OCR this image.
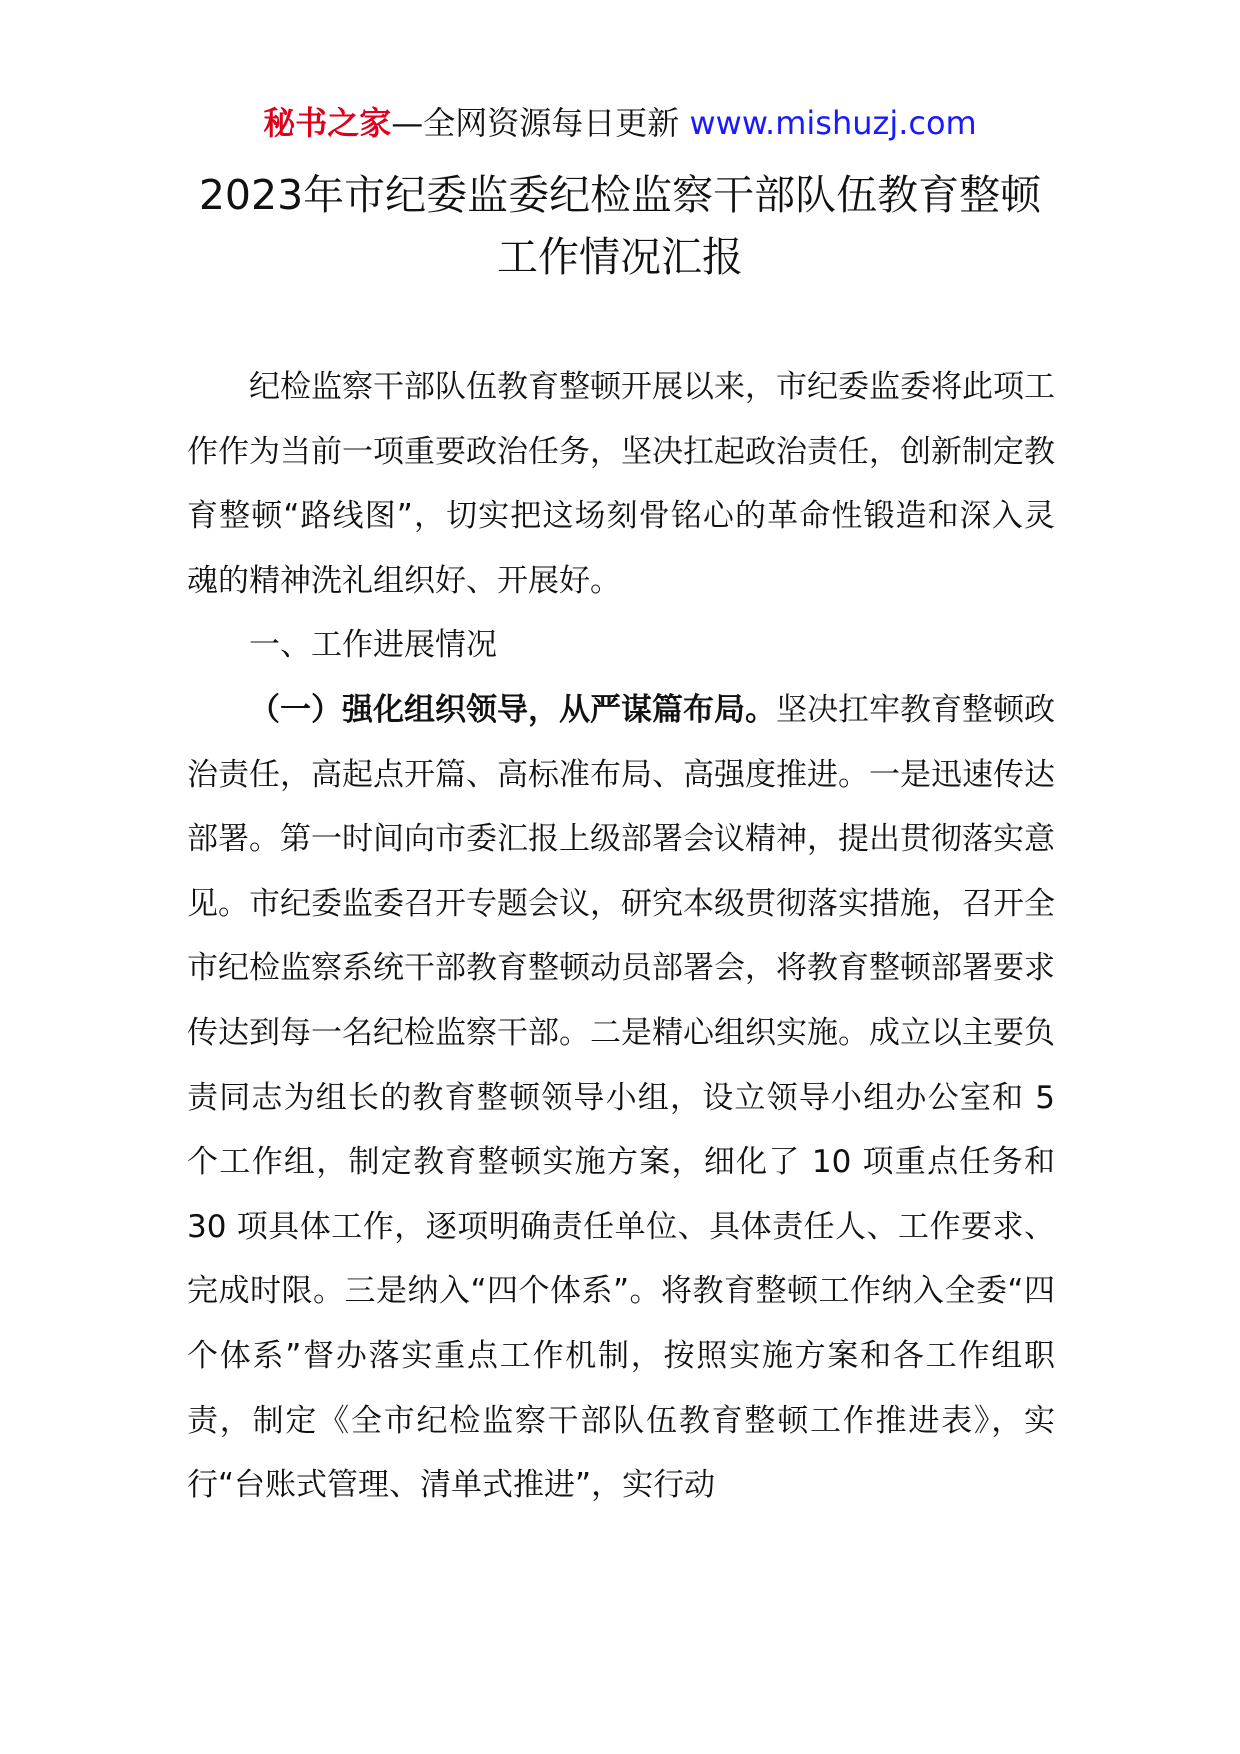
秘书之家—全网资源每日更新 www.mishuzj.com
2023年市纪委监委纪检监察干部队伍教育整顿
工作情况汇报

纪检监察干部队伍教育整顿开展以来，市纪委监委将此项工作作为当前一项重要政治任务，坚决扛起政治责任，创新制定教育整顿“路线图”，切实把这场刻骨铭心的革命性锻造和深入灵魂的精神洗礼组织好、开展好。

一、工作进展情况

（一）强化组织领导，从严谋篇布局。坚决扛牢教育整顿政治责任，高起点开篇、高标准布局、高强度推进。一是迅速传达部署。第一时间向市委汇报上级部署会议精神，提出贯彻落实意见。市纪委监委召开专题会议，研究本级贯彻落实措施，召开全市纪检监察系统干部教育整顿动员部署会，将教育整顿部署要求传达到每一名纪检监察干部。二是精心组织实施。成立以主要负责同志为组长的教育整顿领导小组，设立领导小组办公室和 5 个工作组，制定教育整顿实施方案，细化了 10 项重点任务和 30 项具体工作，逐项明确责任单位、具体责任人、工作要求、完成时限。三是纳入“四个体系”。将教育整顿工作纳入全委“四个体系”督办落实重点工作机制，按照实施方案和各工作组职责，制定《全市纪检监察干部队伍教育整顿工作推进表》，实行“台账式管理、清单式推进”，实行动
